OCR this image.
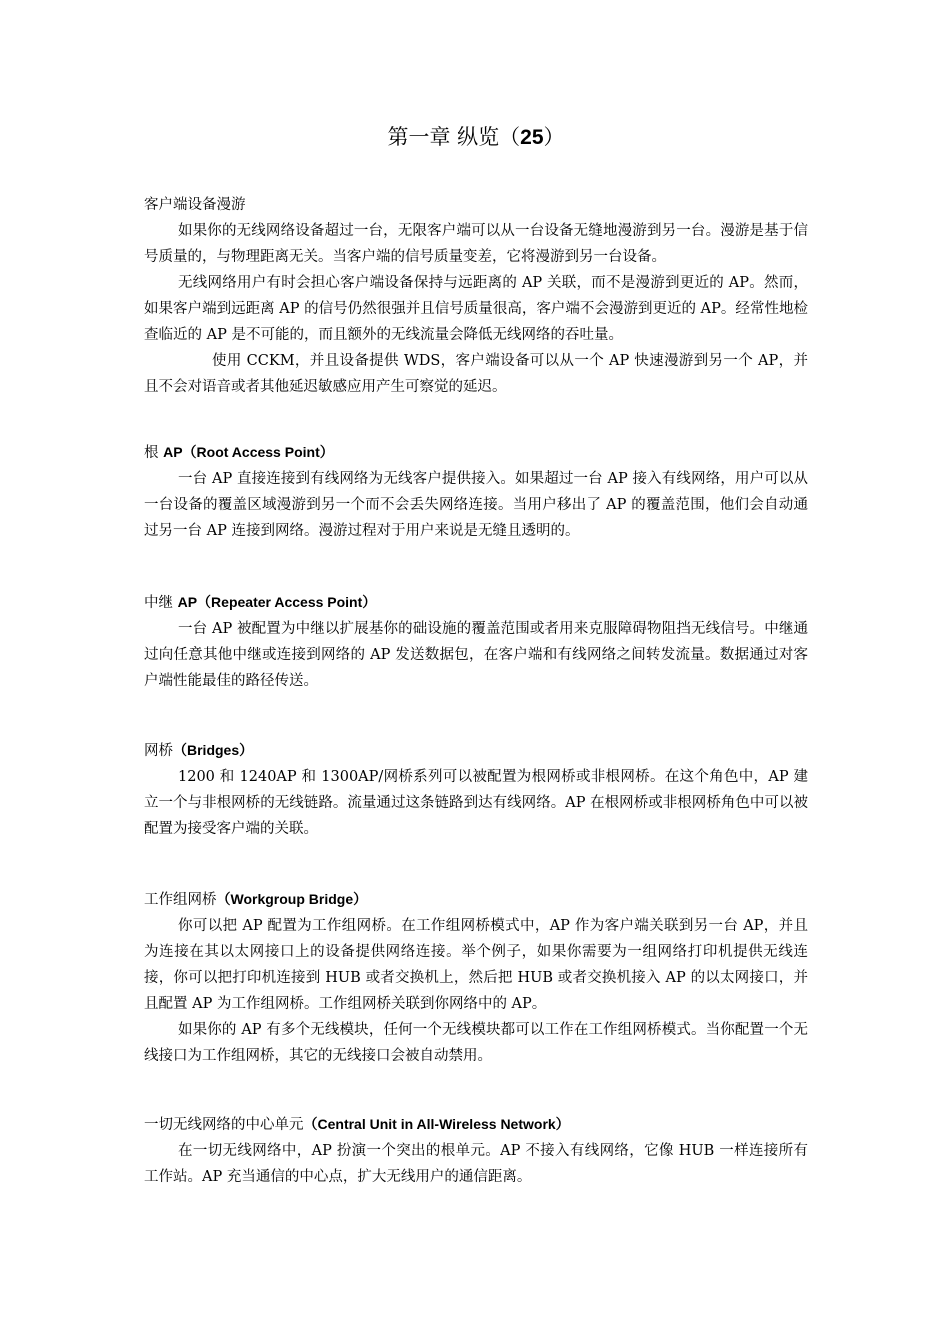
第一章 纵览（25）
客户端设备漫游

如果你的无线网络设备超过一台，无限客户端可以从一台设备无缝地漫游到另一台。漫游是基于信号质量的，与物理距离无关。当客户端的信号质量变差，它将漫游到另一台设备。

无线网络用户有时会担心客户端设备保持与远距离的 AP 关联，而不是漫游到更近的 AP。然而，如果客户端到远距离 AP 的信号仍然很强并且信号质量很高，客户端不会漫游到更近的 AP。经常性地检查临近的 AP 是不可能的，而且额外的无线流量会降低无线网络的吞吐量。

使用 CCKM，并且设备提供 WDS，客户端设备可以从一个 AP 快速漫游到另一个 AP，并且不会对语音或者其他延迟敏感应用产生可察觉的延迟。

根 AP（Root Access Point）

一台 AP 直接连接到有线网络为无线客户提供接入。如果超过一台 AP 接入有线网络，用户可以从一台设备的覆盖区域漫游到另一个而不会丢失网络连接。当用户移出了 AP 的覆盖范围，他们会自动通过另一台 AP 连接到网络。漫游过程对于用户来说是无缝且透明的。

中继 AP（Repeater Access Point）

一台 AP 被配置为中继以扩展基你的础设施的覆盖范围或者用来克服障碍物阻挡无线信号。中继通过向任意其他中继或连接到网络的 AP 发送数据包，在客户端和有线网络之间转发流量。数据通过对客户端性能最佳的路径传送。

网桥（Bridges）

1200 和 1240AP 和 1300AP/网桥系列可以被配置为根网桥或非根网桥。在这个角色中，AP 建立一个与非根网桥的无线链路。流量通过这条链路到达有线网络。AP 在根网桥或非根网桥角色中可以被配置为接受客户端的关联。

工作组网桥（Workgroup Bridge）

你可以把 AP 配置为工作组网桥。在工作组网桥模式中，AP 作为客户端关联到另一台 AP，并且为连接在其以太网接口上的设备提供网络连接。举个例子，如果你需要为一组网络打印机提供无线连接，你可以把打印机连接到 HUB 或者交换机上，然后把 HUB 或者交换机接入 AP 的以太网接口，并且配置 AP 为工作组网桥。工作组网桥关联到你网络中的 AP。

如果你的 AP 有多个无线模块，任何一个无线模块都可以工作在工作组网桥模式。当你配置一个无线接口为工作组网桥，其它的无线接口会被自动禁用。

一切无线网络的中心单元（Central Unit in All-Wireless Network）

在一切无线网络中，AP 扮演一个突出的根单元。AP 不接入有线网络，它像 HUB 一样连接所有工作站。AP 充当通信的中心点，扩大无线用户的通信距离。
